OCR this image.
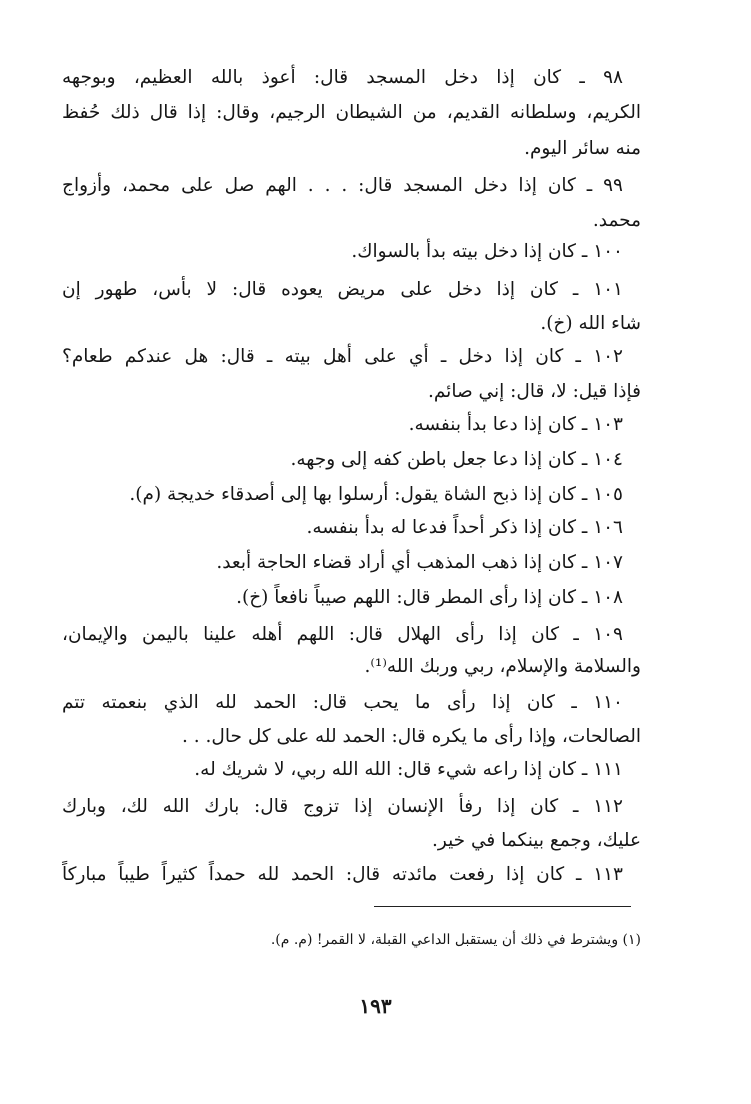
٩٨ ـ كان إذا دخل المسجد قال: أعوذ بالله العظيم، وبوجهه
الكريم، وسلطانه القديم، من الشيطان الرجيم، وقال: إذا قال ذلك حُفظ
منه سائر اليوم.
٩٩ ـ كان إذا دخل المسجد قال: . . . الهم صل على محمد، وأزواج
محمد.
١٠٠ ـ كان إذا دخل بيته بدأ بالسواك.
١٠١ ـ كان إذا دخل على مريض يعوده قال: لا بأس، طهور إن
شاء الله (خ).
١٠٢ ـ كان إذا دخل ـ أي على أهل بيته ـ قال: هل عندكم طعام؟
فإذا قيل: لا، قال: إني صائم.
١٠٣ ـ كان إذا دعا بدأ بنفسه.
١٠٤ ـ كان إذا دعا جعل باطن كفه إلى وجهه.
١٠٥ ـ كان إذا ذبح الشاة يقول: أرسلوا بها إلى أصدقاء خديجة (م).
١٠٦ ـ كان إذا ذكر أحداً فدعا له بدأ بنفسه.
١٠٧ ـ كان إذا ذهب المذهب أي أراد قضاء الحاجة أبعد.
١٠٨ ـ كان إذا رأى المطر قال: اللهم صيباً نافعاً (خ).
١٠٩ ـ كان إذا رأى الهلال قال: اللهم أهله علينا باليمن والإيمان،
والسلامة والإسلام، ربي وربك الله⁽¹⁾.
١١٠ ـ كان إذا رأى ما يحب قال: الحمد لله الذي بنعمته تتم
الصالحات، وإذا رأى ما يكره قال: الحمد لله على كل حال. . .
١١١ ـ كان إذا راعه شيء قال: الله الله ربي، لا شريك له.
١١٢ ـ كان إذا رفأ الإنسان إذا تزوج قال: بارك الله لك، وبارك
عليك، وجمع بينكما في خير.
١١٣ ـ كان إذا رفعت مائدته قال: الحمد لله حمداً كثيراً طيباً مباركاً
(١) ويشترط في ذلك أن يستقبل الداعي القبلة، لا القمر! (م. م).
١٩٣
